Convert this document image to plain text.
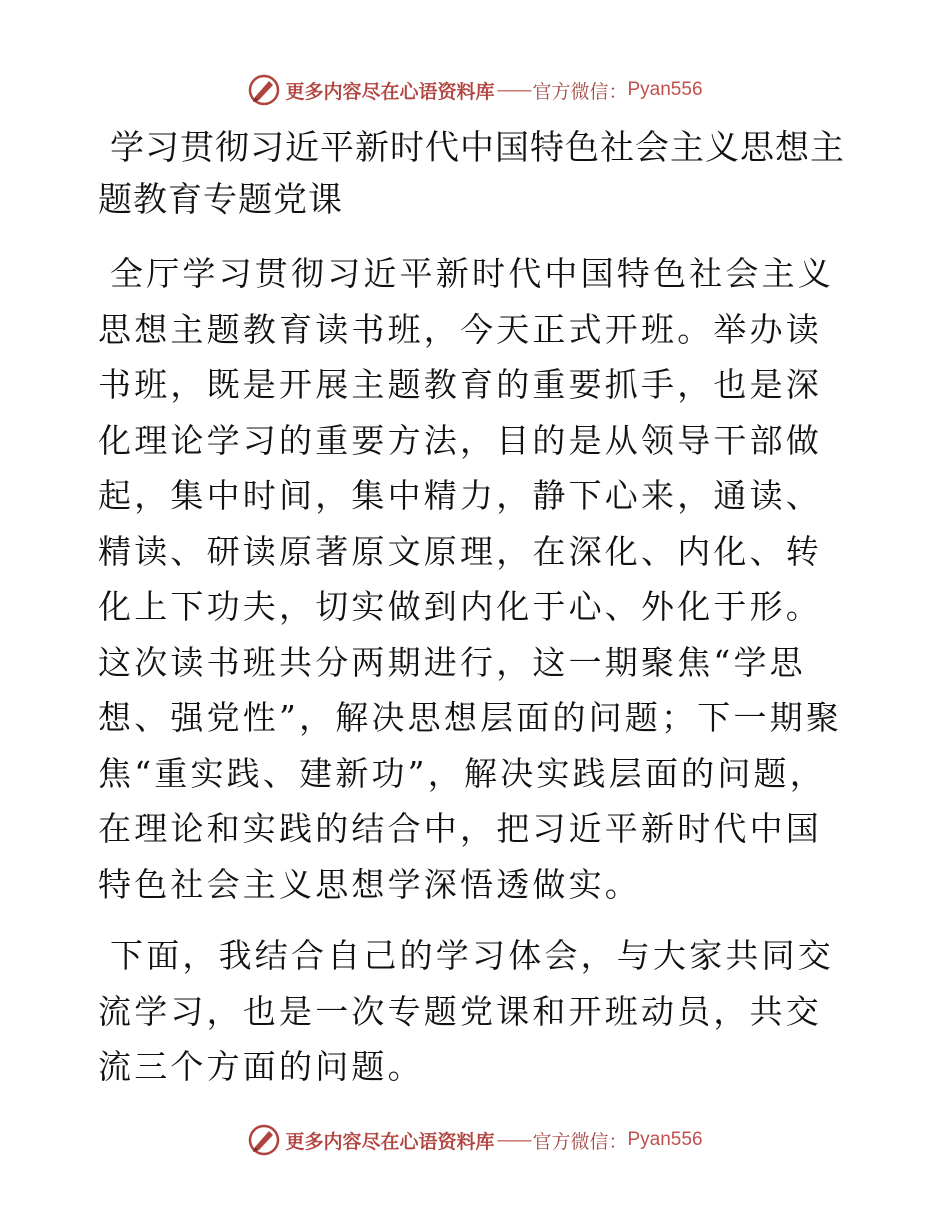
更多内容尽在心语资料库 —— 官方微信： Pyan556
学习贯彻习近平新时代中国特色社会主义思想主题教育专题党课

全厅学习贯彻习近平新时代中国特色社会主义思想主题教育读书班，今天正式开班。举办读书班，既是开展主题教育的重要抓手，也是深化理论学习的重要方法，目的是从领导干部做起，集中时间，集中精力，静下心来，通读、精读、研读原著原文原理，在深化、内化、转化上下功夫，切实做到内化于心、外化于形。这次读书班共分两期进行，这一期聚焦“学思想、强党性”，解决思想层面的问题；下一期聚焦“重实践、建新功”，解决实践层面的问题，在理论和实践的结合中，把习近平新时代中国特色社会主义思想学深悟透做实。

下面，我结合自己的学习体会，与大家共同交流学习，也是一次专题党课和开班动员，共交流三个方面的问题。

更多内容尽在心语资料库 —— 官方微信： Pyan556
